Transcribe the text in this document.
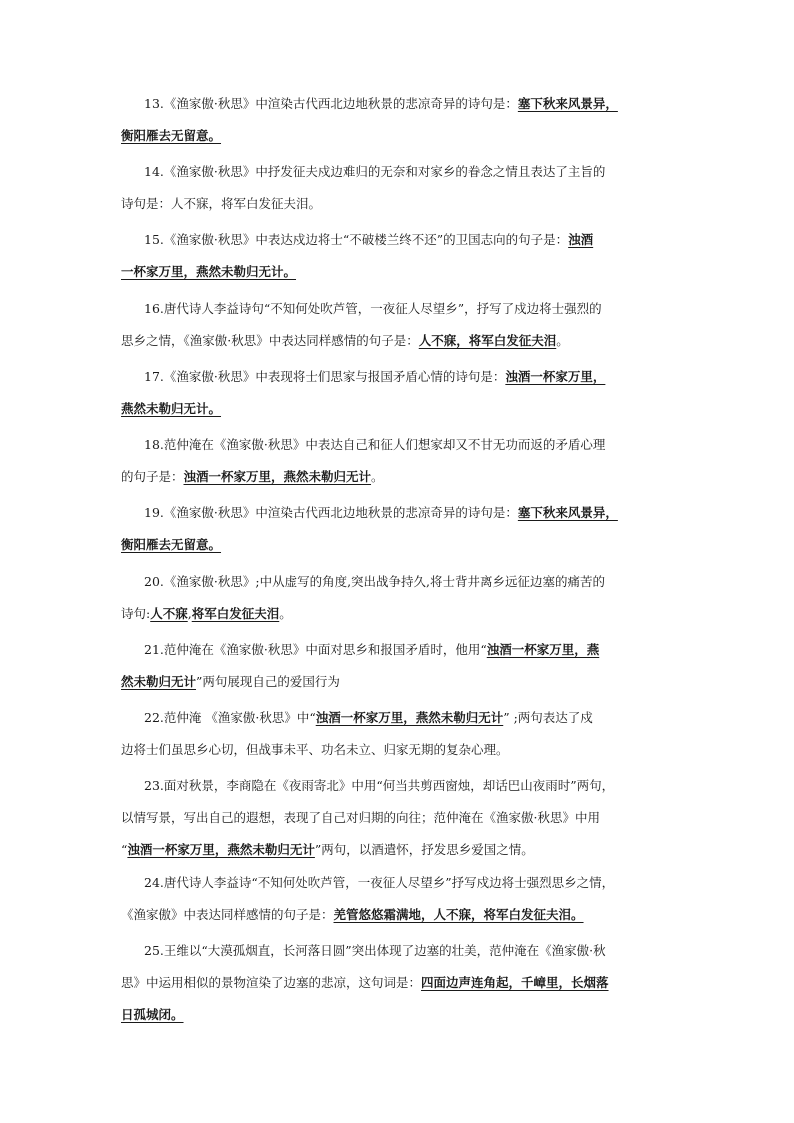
13.《渔家傲·秋思》中渲染古代西北边地秋景的悲凉奇异的诗句是：塞下秋来风景异，
衡阳雁去无留意。
14.《渔家傲·秋思》中抒发征夫戍边难归的无奈和对家乡的眷念之情且表达了主旨的
诗句是：人不寐，将军白发征夫泪。
15.《渔家傲·秋思》中表达戍边将士“不破楼兰终不还”的卫国志向的句子是：浊酒
一杯家万里，燕然未勒归无计。
16.唐代诗人李益诗句“不知何处吹芦管，一夜征人尽望乡”，抒写了戍边将士强烈的
思乡之情，《渔家傲·秋思》中表达同样感情的句子是：人不寐，将军白发征夫泪。
17.《渔家傲·秋思》中表现将士们思家与报国矛盾心情的诗句是：浊酒一杯家万里，
燕然未勒归无计。
18.范仲淹在《渔家傲·秋思》中表达自己和征人们想家却又不甘无功而返的矛盾心理
的句子是：浊酒一杯家万里，燕然未勒归无计。
19.《渔家傲·秋思》中渲染古代西北边地秋景的悲凉奇异的诗句是：塞下秋来风景异，
衡阳雁去无留意。
20.《渔家傲·秋思》;中从虚写的角度,突出战争持久,将士背井离乡远征边塞的痛苦的
诗句:人不寐,将军白发征夫泪。
21.范仲淹在《渔家傲·秋思》中面对思乡和报国矛盾时，他用“浊酒一杯家万里，燕
然未勒归无计”两句展现自己的爱国行为
22.范仲淹 《渔家傲·秋思》中“浊酒一杯家万里，燕然未勒归无计” ;两句表达了戍
边将士们虽思乡心切，但战事未平、功名未立、归家无期的复杂心理。
23.面对秋景，李商隐在《夜雨寄北》中用“何当共剪西窗烛，却话巴山夜雨时”两句，
以情写景，写出自己的遐想，表现了自己对归期的向往；范仲淹在《渔家傲·秋思》中用
“浊酒一杯家万里，燕然未勒归无计”两句，以酒遣怀，抒发思乡爱国之情。
24.唐代诗人李益诗“不知何处吹芦管，一夜征人尽望乡”抒写戍边将士强烈思乡之情，
《渔家傲》中表达同样感情的句子是：羌管悠悠霜满地，人不寐，将军白发征夫泪。
25.王维以“大漠孤烟直，长河落日圆”突出体现了边塞的壮美，范仲淹在《渔家傲·秋
思》中运用相似的景物渲染了边塞的悲凉，这句词是：四面边声连角起，千嶂里，长烟落
日孤城闭。
